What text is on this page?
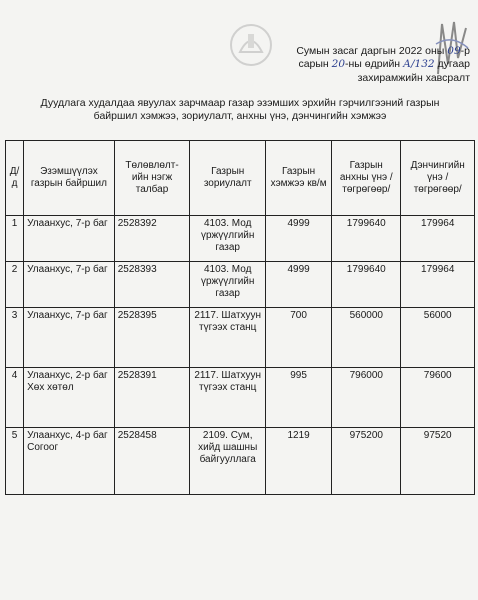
Сумын засаг даргын 2022 оны 09-р
сарын 20-ны өдрийн А/132 дугаар
захирамжийн хавсралт
Дуудлага худалдаа явуулах зарчмаар газар эзэмших эрхийн гэрчилгээний газрын байршил хэмжээ, зориулалт, анхны үнэ, дэнчингийн хэмжээ
Д/д	Эзэмшүүлэх газрын байршил	Төлөвлөлт-ийн нэгж талбар	Газрын зориулалт	Газрын хэмжээ кв/м	Газрын анхны үнэ /төгрөгөөр/	Дэнчингийн үнэ /төгрөгөөр/
1	Улаанхус, 7-р баг	2528392	4103. Мод үржүүлгийн газар	4999	1799640	179964
2	Улаанхус, 7-р баг	2528393	4103. Мод үржүүлгийн газар	4999	1799640	179964
3	Улаанхус, 7-р баг	2528395	2117. Шатхуун түгээх станц	700	560000	56000
4	Улаанхус, 2-р баг Хөх хөтөл	2528391	2117. Шатхуун түгээх станц	995	796000	79600
5	Улаанхус, 4-р баг Согоог	2528458	2109. Сум, хийд шашны байгууллага	1219	975200	97520
